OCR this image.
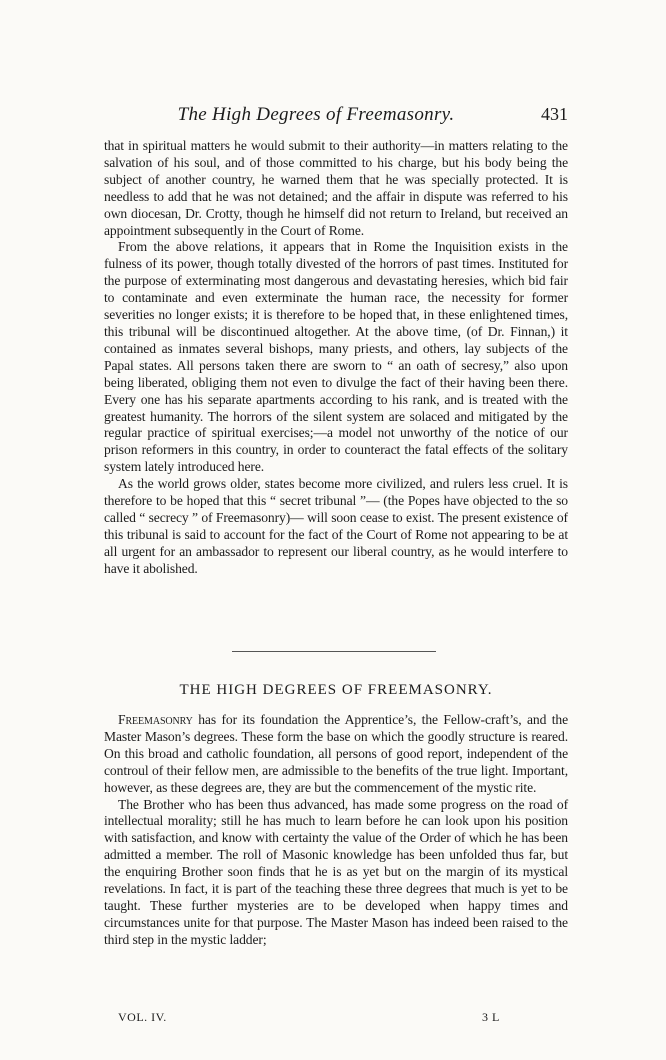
The High Degrees of Freemasonry.	431

that in spiritual matters he would submit to their authority—in matters relating to the salvation of his soul, and of those committed to his charge, but his body being the subject of another country, he warned them that he was specially protected. It is needless to add that he was not detained; and the affair in dispute was referred to his own diocesan, Dr. Crotty, though he himself did not return to Ireland, but received an appointment subsequently in the Court of Rome.

From the above relations, it appears that in Rome the Inquisition exists in the fulness of its power, though totally divested of the horrors of past times. Instituted for the purpose of exterminating most dangerous and devastating heresies, which bid fair to contaminate and even exterminate the human race, the necessity for former severities no longer exists; it is therefore to be hoped that, in these enlightened times, this tribunal will be discontinued altogether. At the above time, (of Dr. Finnan,) it contained as inmates several bishops, many priests, and others, lay subjects of the Papal states. All persons taken there are sworn to “ an oath of secresy,” also upon being liberated, obliging them not even to divulge the fact of their having been there. Every one has his separate apartments according to his rank, and is treated with the greatest humanity. The horrors of the silent system are solaced and mitigated by the regular practice of spiritual exercises;—a model not unworthy of the notice of our prison reformers in this country, in order to counteract the fatal effects of the solitary system lately introduced here.

As the world grows older, states become more civilized, and rulers less cruel. It is therefore to be hoped that this “ secret tribunal ”— (the Popes have objected to the so called “ secrecy ” of Freemasonry)— will soon cease to exist. The present existence of this tribunal is said to account for the fact of the Court of Rome not appearing to be at all urgent for an ambassador to represent our liberal country, as he would interfere to have it abolished.

THE HIGH DEGREES OF FREEMASONRY.

Freemasonry has for its foundation the Apprentice’s, the Fellow-craft’s, and the Master Mason’s degrees. These form the base on which the goodly structure is reared. On this broad and catholic foundation, all persons of good report, independent of the controul of their fellow men, are admissible to the benefits of the true light. Important, however, as these degrees are, they are but the commencement of the mystic rite.

The Brother who has been thus advanced, has made some progress on the road of intellectual morality; still he has much to learn before he can look upon his position with satisfaction, and know with certainty the value of the Order of which he has been admitted a member. The roll of Masonic knowledge has been unfolded thus far, but the enquiring Brother soon finds that he is as yet but on the margin of its mystical revelations. In fact, it is part of the teaching these three degrees that much is yet to be taught. These further mysteries are to be developed when happy times and circumstances unite for that purpose. The Master Mason has indeed been raised to the third step in the mystic ladder;

VOL. IV.	3 L
